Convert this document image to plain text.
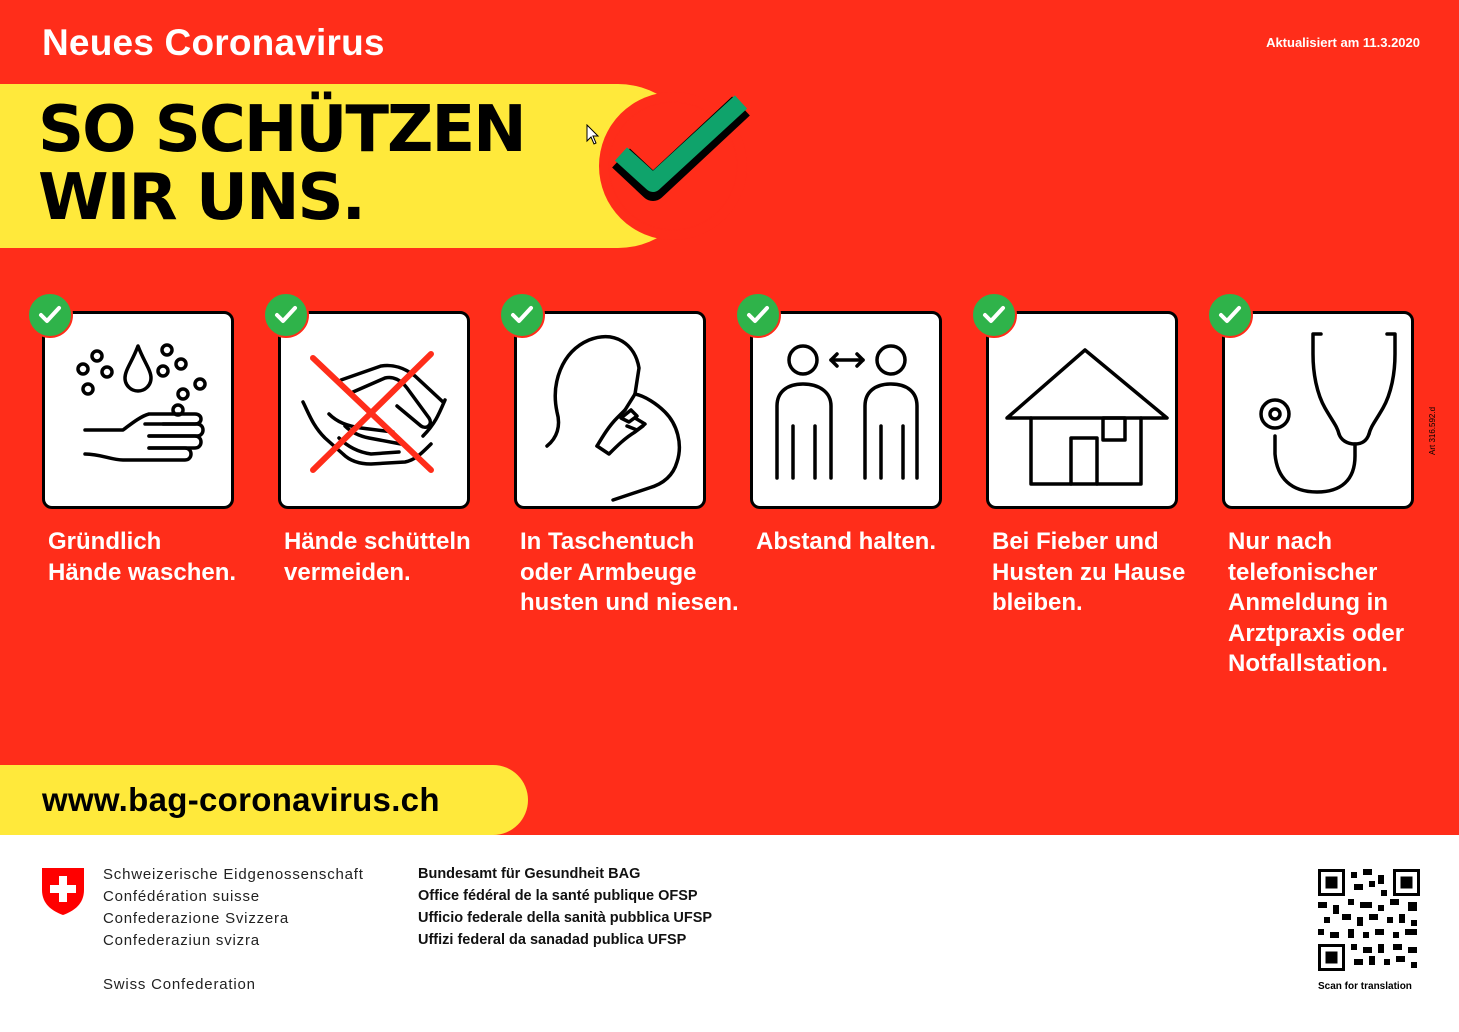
Neues Coronavirus	Aktualisiert am 11.3.2020
SO SCHÜTZEN
WIR UNS.
Gründlich
Hände waschen.
Hände schütteln
vermeiden.
In Taschentuch
oder Armbeuge
husten und niesen.
Abstand halten.	Bei Fieber und
Husten zu Hause
bleiben.
Nur nach
telefonischer
Anmeldung in
Arztpraxis oder
Notfallstation.
Art 316.592.d
www.bag-coronavirus.ch
Schweizerische Eidgenossenschaft
Confédération suisse
Confederazione Svizzera
Confederaziun svizra
Swiss Confederation
Bundesamt für Gesundheit BAG
Office fédéral de la santé publique OFSP
Ufficio federale della sanità pubblica UFSP
Uffizi federal da sanadad publica UFSP
Scan for translation
